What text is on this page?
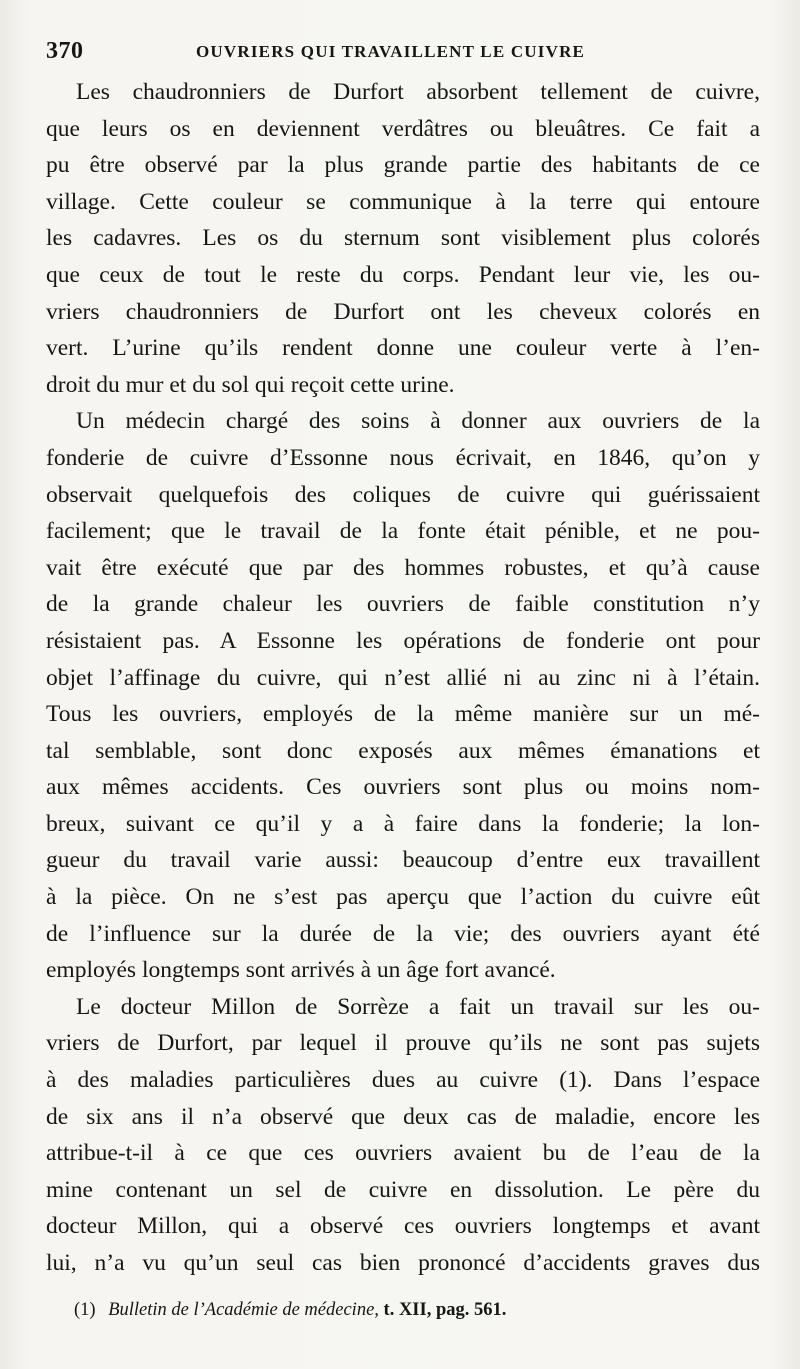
370	OUVRIERS QUI TRAVAILLENT LE CUIVRE
Les chaudronniers de Durfort absorbent tellement de cuivre,
que leurs os en deviennent verdâtres ou bleuâtres. Ce fait a
pu être observé par la plus grande partie des habitants de ce
village. Cette couleur se communique à la terre qui entoure
les cadavres. Les os du sternum sont visiblement plus colorés
que ceux de tout le reste du corps. Pendant leur vie, les ou-
vriers chaudronniers de Durfort ont les cheveux colorés en
vert. L’urine qu’ils rendent donne une couleur verte à l’en-
droit du mur et du sol qui reçoit cette urine.
Un médecin chargé des soins à donner aux ouvriers de la
fonderie de cuivre d’Essonne nous écrivait, en 1846, qu’on y
observait quelquefois des coliques de cuivre qui guérissaient
facilement; que le travail de la fonte était pénible, et ne pou-
vait être exécuté que par des hommes robustes, et qu’à cause
de la grande chaleur les ouvriers de faible constitution n’y
résistaient pas. A Essonne les opérations de fonderie ont pour
objet l’affinage du cuivre, qui n’est allié ni au zinc ni à l’étain.
Tous les ouvriers, employés de la même manière sur un mé-
tal semblable, sont donc exposés aux mêmes émanations et
aux mêmes accidents. Ces ouvriers sont plus ou moins nom-
breux, suivant ce qu’il y a à faire dans la fonderie; la lon-
gueur du travail varie aussi: beaucoup d’entre eux travaillent
à la pièce. On ne s’est pas aperçu que l’action du cuivre eût
de l’influence sur la durée de la vie; des ouvriers ayant été
employés longtemps sont arrivés à un âge fort avancé.
Le docteur Millon de Sorrèze a fait un travail sur les ou-
vriers de Durfort, par lequel il prouve qu’ils ne sont pas sujets
à des maladies particulières dues au cuivre (1). Dans l’espace
de six ans il n’a observé que deux cas de maladie, encore les
attribue-t-il à ce que ces ouvriers avaient bu de l’eau de la
mine contenant un sel de cuivre en dissolution. Le père du
docteur Millon, qui a observé ces ouvriers longtemps et avant
lui, n’a vu qu’un seul cas bien prononcé d’accidents graves dus
(1) Bulletin de l’Académie de médecine, t. XII, pag. 561.
